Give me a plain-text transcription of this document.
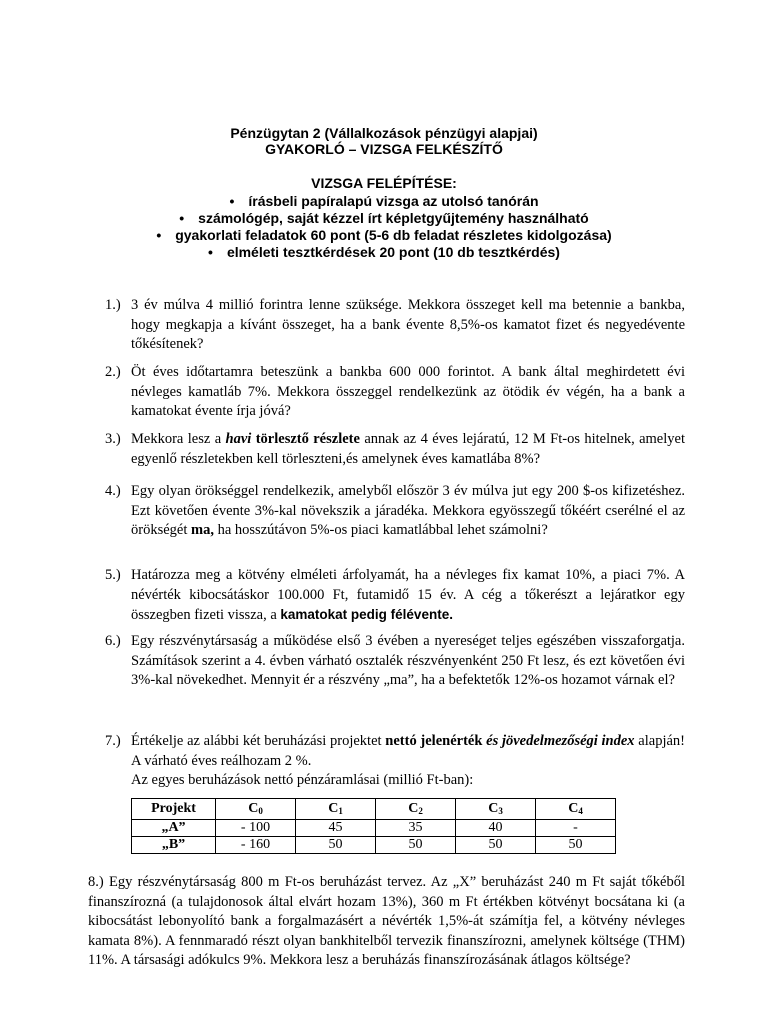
Pénzügytan 2 (Vállalkozások pénzügyi alapjai)
GYAKORLÓ – VIZSGA FELKÉSZÍTŐ
VIZSGA FELÉPÍTÉSE:
• írásbeli papíralapú vizsga az utolsó tanórán
• számológép, saját kézzel írt képletgyűjtemény használható
• gyakorlati feladatok 60 pont (5-6 db feladat részletes kidolgozása)
• elméleti tesztkérdések 20 pont (10 db tesztkérdés)
1.) 3 év múlva 4 millió forintra lenne szüksége. Mekkora összeget kell ma betennie a bankba, hogy megkapja a kívánt összeget, ha a bank évente 8,5%-os kamatot fizet és negyedévente tőkésítenek?
2.) Öt éves időtartamra beteszünk a bankba 600 000 forintot. A bank által meghirdetett évi névleges kamatláb 7%. Mekkora összeggel rendelkezünk az ötödik év végén, ha a bank a kamatokat évente írja jóvá?
3.) Mekkora lesz a havi törlesztő részlete annak az 4 éves lejáratú, 12 M Ft-os hitelnek, amelyet egyenlő részletekben kell törleszteni,és amelynek éves kamatlába 8%?
4.) Egy olyan örökséggel rendelkezik, amelyből először 3 év múlva jut egy 200 $-os kifizetéshez. Ezt követően évente 3%-kal növekszik a járadéka. Mekkora egyösszegű tőkéért cserélné el az örökségét ma, ha hosszútávon 5%-os piaci kamatlábbal lehet számolni?
5.) Határozza meg a kötvény elméleti árfolyamát, ha a névleges fix kamat 10%, a piaci 7%. A névérték kibocsátáskor 100.000 Ft, futamidő 15 év. A cég a tőkerészt a lejáratkor egy összegben fizeti vissza, a kamatokat pedig félévente.
6.) Egy részvénytársaság a működése első 3 évében a nyereséget teljes egészében visszaforgatja. Számítások szerint a 4. évben várható osztalék részvényenként 250 Ft lesz, és ezt követően évi 3%-kal növekedhet. Mennyit ér a részvény „ma”, ha a befektetők 12%-os hozamot várnak el?
7.) Értékelje az alábbi két beruházási projektet nettó jelenérték és jövedelmezőségi index alapján! A várható éves reálhozam 2 %.
Az egyes beruházások nettó pénzáramlásai (millió Ft-ban):
Projekt	$C_0$	$C_1$	$C_2$	$C_3$	$C_4$
„A”	- 100	45	35	40	-
„B”	- 160	50	50	50	50
8.) Egy részvénytársaság 800 m Ft-os beruházást tervez. Az „X” beruházást 240 m Ft saját tőkéből finanszírozná (a tulajdonosok által elvárt hozam 13%), 360 m Ft értékben kötvényt bocsátana ki (a kibocsátást lebonyolító bank a forgalmazásért a névérték 1,5%-át számítja fel, a kötvény névleges kamata 8%). A fennmaradó részt olyan bankhitelből tervezik finanszírozni, amelynek költsége (THM) 11%. A társasági adókulcs 9%. Mekkora lesz a beruházás finanszírozásának átlagos költsége?
